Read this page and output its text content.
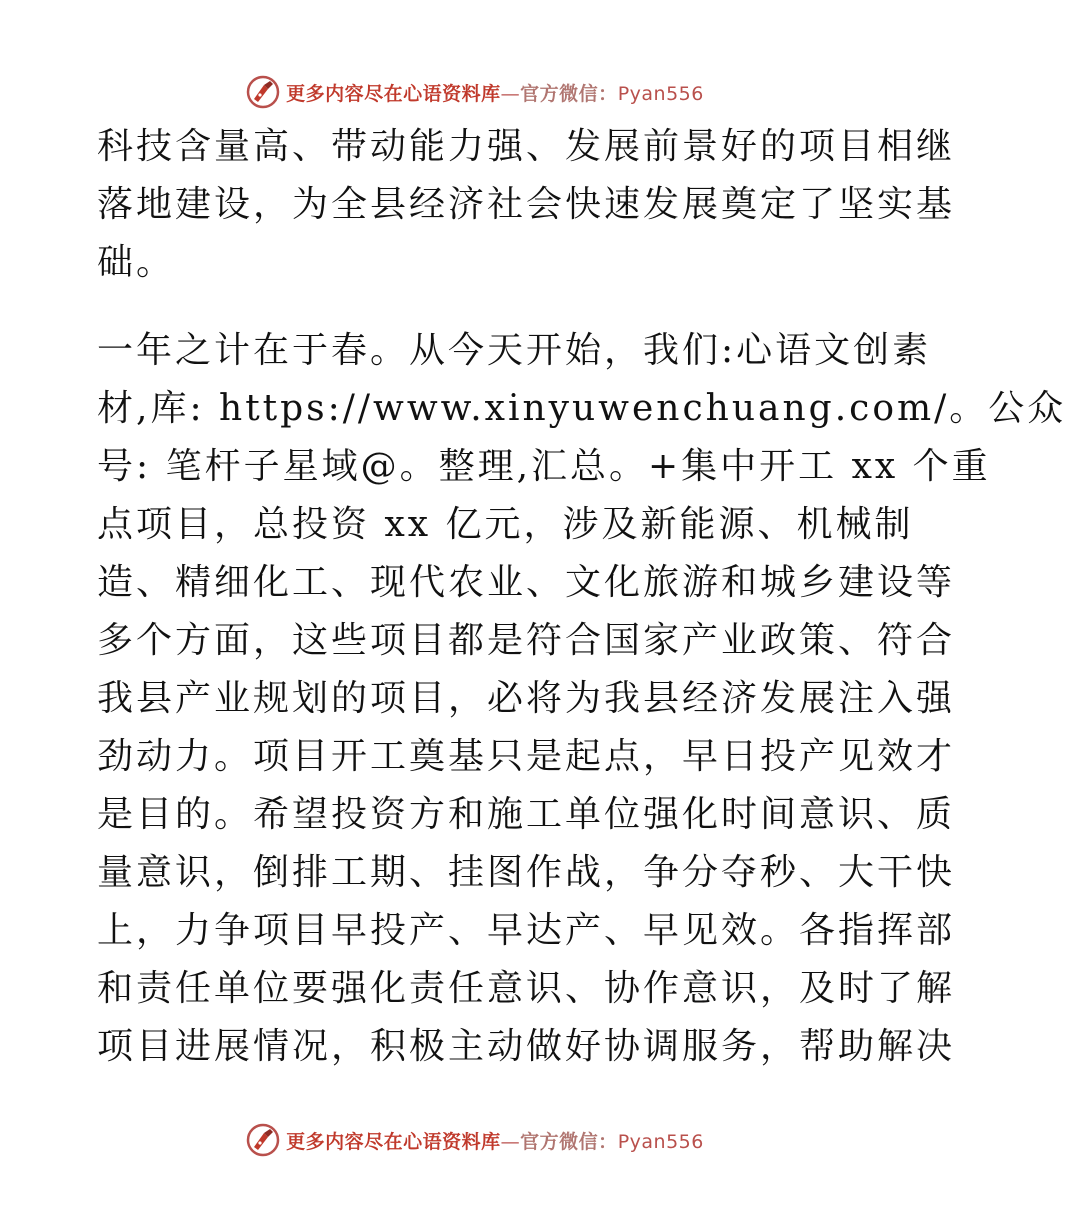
更多内容尽在心语资料库—官方微信：Pyan556
科技含量高、带动能力强、发展前景好的项目相继
落地建设，为全县经济社会快速发展奠定了坚实基
础。
一年之计在于春。从今天开始，我们:心语文创素
材,库: https://www.xinyuwenchuang.com/。公众
号: 笔杆子星域@。整理,汇总。+集中开工 xx 个重
点项目，总投资 xx 亿元，涉及新能源、机械制
造、精细化工、现代农业、文化旅游和城乡建设等
多个方面，这些项目都是符合国家产业政策、符合
我县产业规划的项目，必将为我县经济发展注入强
劲动力。项目开工奠基只是起点，早日投产见效才
是目的。希望投资方和施工单位强化时间意识、质
量意识，倒排工期、挂图作战，争分夺秒、大干快
上，力争项目早投产、早达产、早见效。各指挥部
和责任单位要强化责任意识、协作意识，及时了解
项目进展情况，积极主动做好协调服务，帮助解决
更多内容尽在心语资料库—官方微信：Pyan556
